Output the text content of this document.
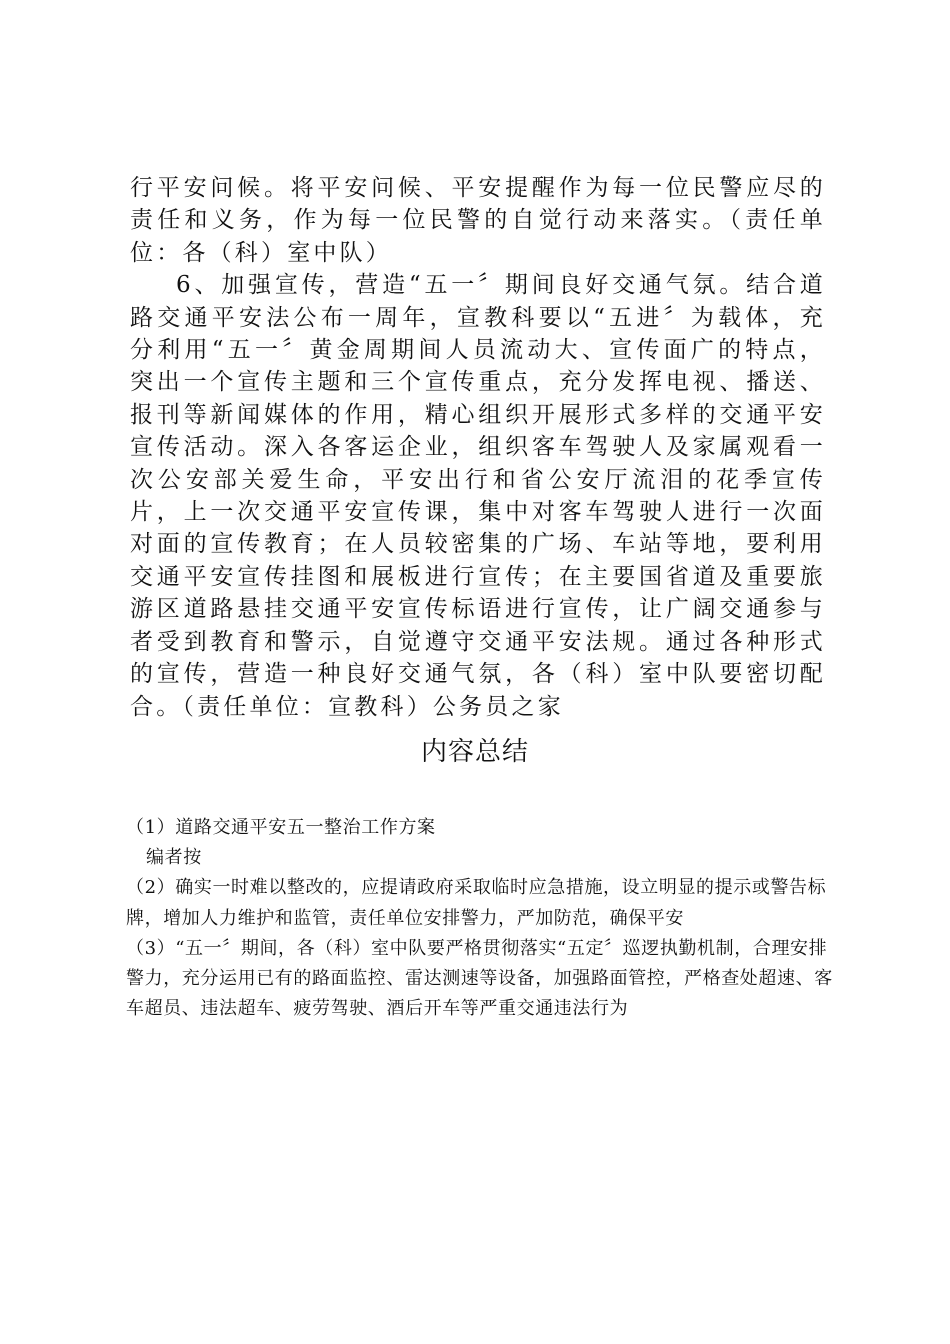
行平安问候。将平安问候、平安提醒作为每一位民警应尽的责任和义务，作为每一位民警的自觉行动来落实。（责任单位：各（科）室中队）

6、加强宣传，营造“五一〞期间良好交通气氛。结合道路交通平安法公布一周年，宣教科要以“五进〞为载体，充分利用“五一〞黄金周期间人员流动大、宣传面广的特点，突出一个宣传主题和三个宣传重点，充分发挥电视、播送、报刊等新闻媒体的作用，精心组织开展形式多样的交通平安宣传活动。深入各客运企业，组织客车驾驶人及家属观看一次公安部关爱生命，平安出行和省公安厅流泪的花季宣传片，上一次交通平安宣传课，集中对客车驾驶人进行一次面对面的宣传教育；在人员较密集的广场、车站等地，要利用交通平安宣传挂图和展板进行宣传；在主要国省道及重要旅游区道路悬挂交通平安宣传标语进行宣传，让广阔交通参与者受到教育和警示，自觉遵守交通平安法规。通过各种形式的宣传，营造一种良好交通气氛，各（科）室中队要密切配合。（责任单位：宣教科）公务员之家

内容总结

（1）道路交通平安五一整治工作方案

编者按

（2）确实一时难以整改的，应提请政府采取临时应急措施，设立明显的提示或警告标牌，增加人力维护和监管，责任单位安排警力，严加防范，确保平安

（3）“五一〞期间，各（科）室中队要严格贯彻落实“五定〞巡逻执勤机制，合理安排警力，充分运用已有的路面监控、雷达测速等设备，加强路面管控，严格查处超速、客车超员、违法超车、疲劳驾驶、酒后开车等严重交通违法行为
